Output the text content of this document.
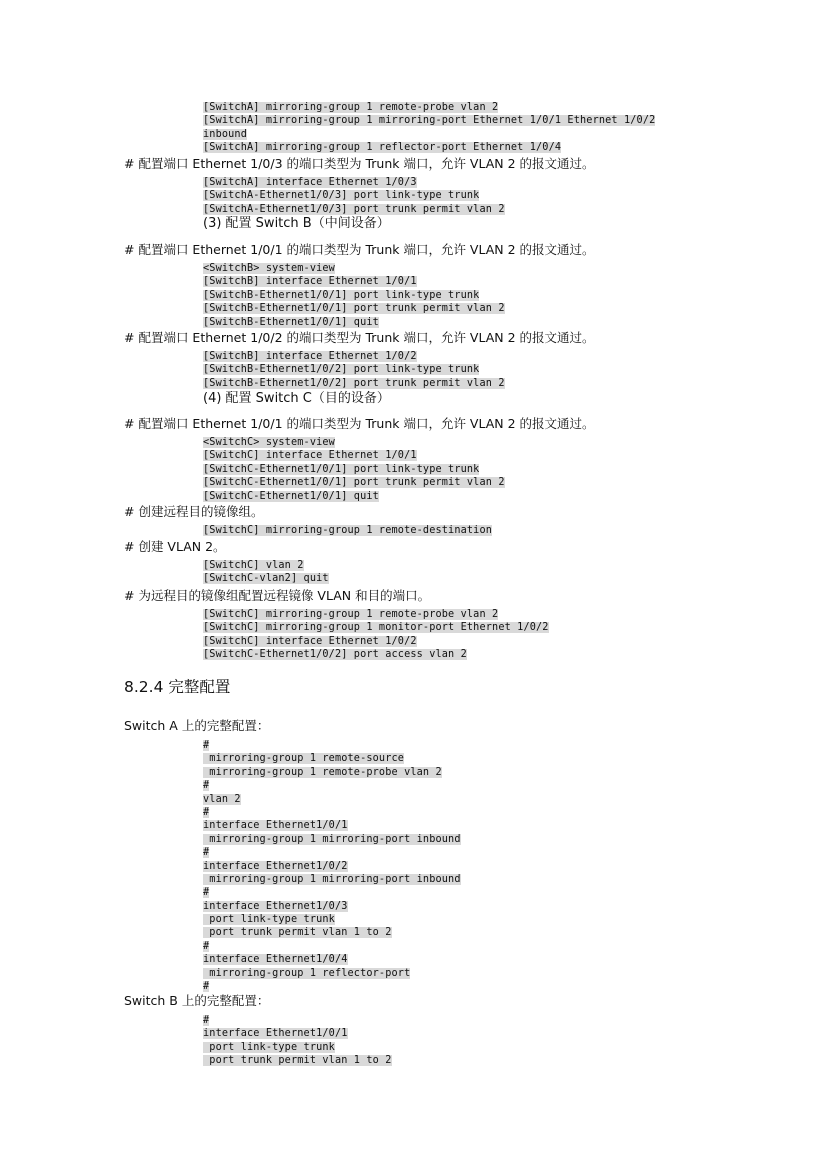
[SwitchA] mirroring-group 1 remote-probe vlan 2
[SwitchA] mirroring-group 1 mirroring-port Ethernet 1/0/1 Ethernet 1/0/2
inbound
[SwitchA] mirroring-group 1 reflector-port Ethernet 1/0/4
# 配置端口 Ethernet 1/0/3 的端口类型为 Trunk 端口，允许 VLAN 2 的报文通过。
[SwitchA] interface Ethernet 1/0/3
[SwitchA-Ethernet1/0/3] port link-type trunk
[SwitchA-Ethernet1/0/3] port trunk permit vlan 2
(3) 配置 Switch B（中间设备）
# 配置端口 Ethernet 1/0/1 的端口类型为 Trunk 端口，允许 VLAN 2 的报文通过。
<SwitchB> system-view
[SwitchB] interface Ethernet 1/0/1
[SwitchB-Ethernet1/0/1] port link-type trunk
[SwitchB-Ethernet1/0/1] port trunk permit vlan 2
[SwitchB-Ethernet1/0/1] quit
# 配置端口 Ethernet 1/0/2 的端口类型为 Trunk 端口，允许 VLAN 2 的报文通过。
[SwitchB] interface Ethernet 1/0/2
[SwitchB-Ethernet1/0/2] port link-type trunk
[SwitchB-Ethernet1/0/2] port trunk permit vlan 2
(4) 配置 Switch C（目的设备）
# 配置端口 Ethernet 1/0/1 的端口类型为 Trunk 端口，允许 VLAN 2 的报文通过。
<SwitchC> system-view
[SwitchC] interface Ethernet 1/0/1
[SwitchC-Ethernet1/0/1] port link-type trunk
[SwitchC-Ethernet1/0/1] port trunk permit vlan 2
[SwitchC-Ethernet1/0/1] quit
# 创建远程目的镜像组。
[SwitchC] mirroring-group 1 remote-destination
# 创建 VLAN 2。
[SwitchC] vlan 2
[SwitchC-vlan2] quit
# 为远程目的镜像组配置远程镜像 VLAN 和目的端口。
[SwitchC] mirroring-group 1 remote-probe vlan 2
[SwitchC] mirroring-group 1 monitor-port Ethernet 1/0/2
[SwitchC] interface Ethernet 1/0/2
[SwitchC-Ethernet1/0/2] port access vlan 2
8.2.4 完整配置
Switch A 上的完整配置：
#
mirroring-group 1 remote-source
mirroring-group 1 remote-probe vlan 2
#
vlan 2
#
interface Ethernet1/0/1
mirroring-group 1 mirroring-port inbound
#
interface Ethernet1/0/2
mirroring-group 1 mirroring-port inbound
#
interface Ethernet1/0/3
port link-type trunk
port trunk permit vlan 1 to 2
#
interface Ethernet1/0/4
mirroring-group 1 reflector-port
#
Switch B 上的完整配置：
#
interface Ethernet1/0/1
port link-type trunk
port trunk permit vlan 1 to 2
